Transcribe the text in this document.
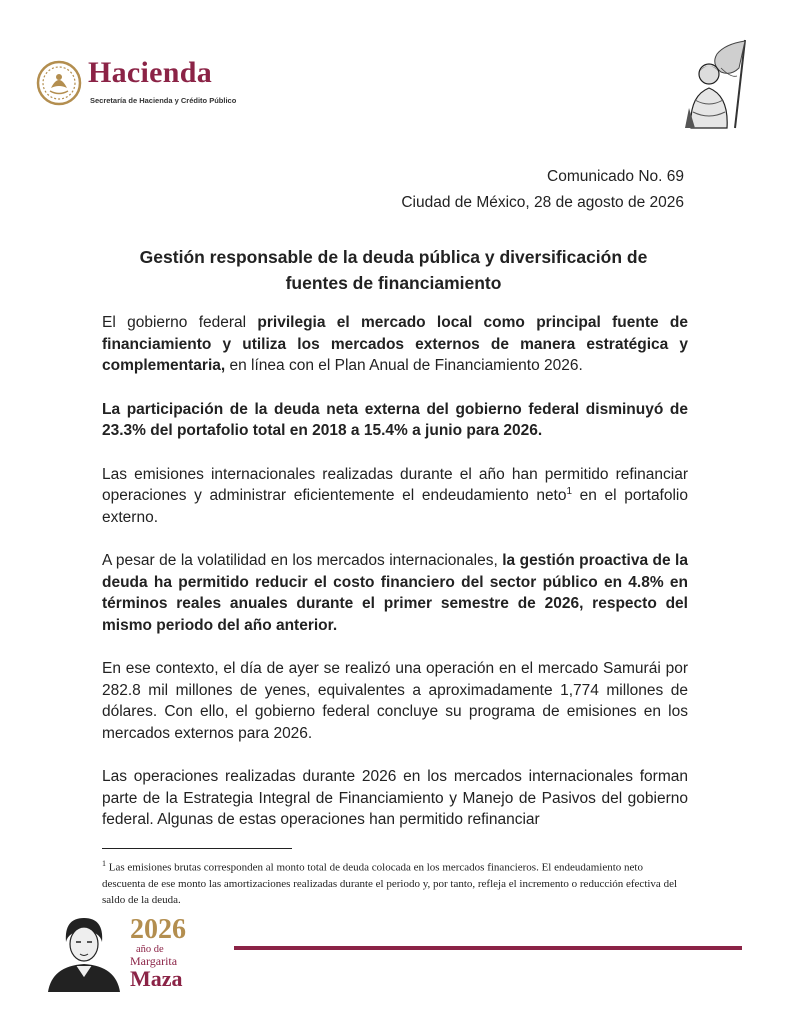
Hacienda
Secretaría de Hacienda y Crédito Público
Comunicado No. 69
Ciudad de México, 28 de agosto de 2026
Gestión responsable de la deuda pública y diversificación de
fuentes de financiamiento

El gobierno federal privilegia el mercado local como principal fuente de financiamiento y utiliza los mercados externos de manera estratégica y complementaria, en línea con el Plan Anual de Financiamiento 2026.

La participación de la deuda neta externa del gobierno federal disminuyó de 23.3% del portafolio total en 2018 a 15.4% a junio para 2026.

Las emisiones internacionales realizadas durante el año han permitido refinanciar operaciones y administrar eficientemente el endeudamiento neto$^1$ en el portafolio externo.

A pesar de la volatilidad en los mercados internacionales, la gestión proactiva de la deuda ha permitido reducir el costo financiero del sector público en 4.8% en términos reales anuales durante el primer semestre de 2026, respecto del mismo periodo del año anterior.

En ese contexto, el día de ayer se realizó una operación en el mercado Samurái por 282.8 mil millones de yenes, equivalentes a aproximadamente 1,774 millones de dólares. Con ello, el gobierno federal concluye su programa de emisiones en los mercados externos para 2026.

Las operaciones realizadas durante 2026 en los mercados internacionales forman parte de la Estrategia Integral de Financiamiento y Manejo de Pasivos del gobierno federal. Algunas de estas operaciones han permitido refinanciar

$^1$ Las emisiones brutas corresponden al monto total de deuda colocada en los mercados financieros. El endeudamiento neto descuenta de ese monto las amortizaciones realizadas durante el periodo y, por tanto, refleja el incremento o reducción efectiva del saldo de la deuda.
2026
año de
Margarita
Maza
